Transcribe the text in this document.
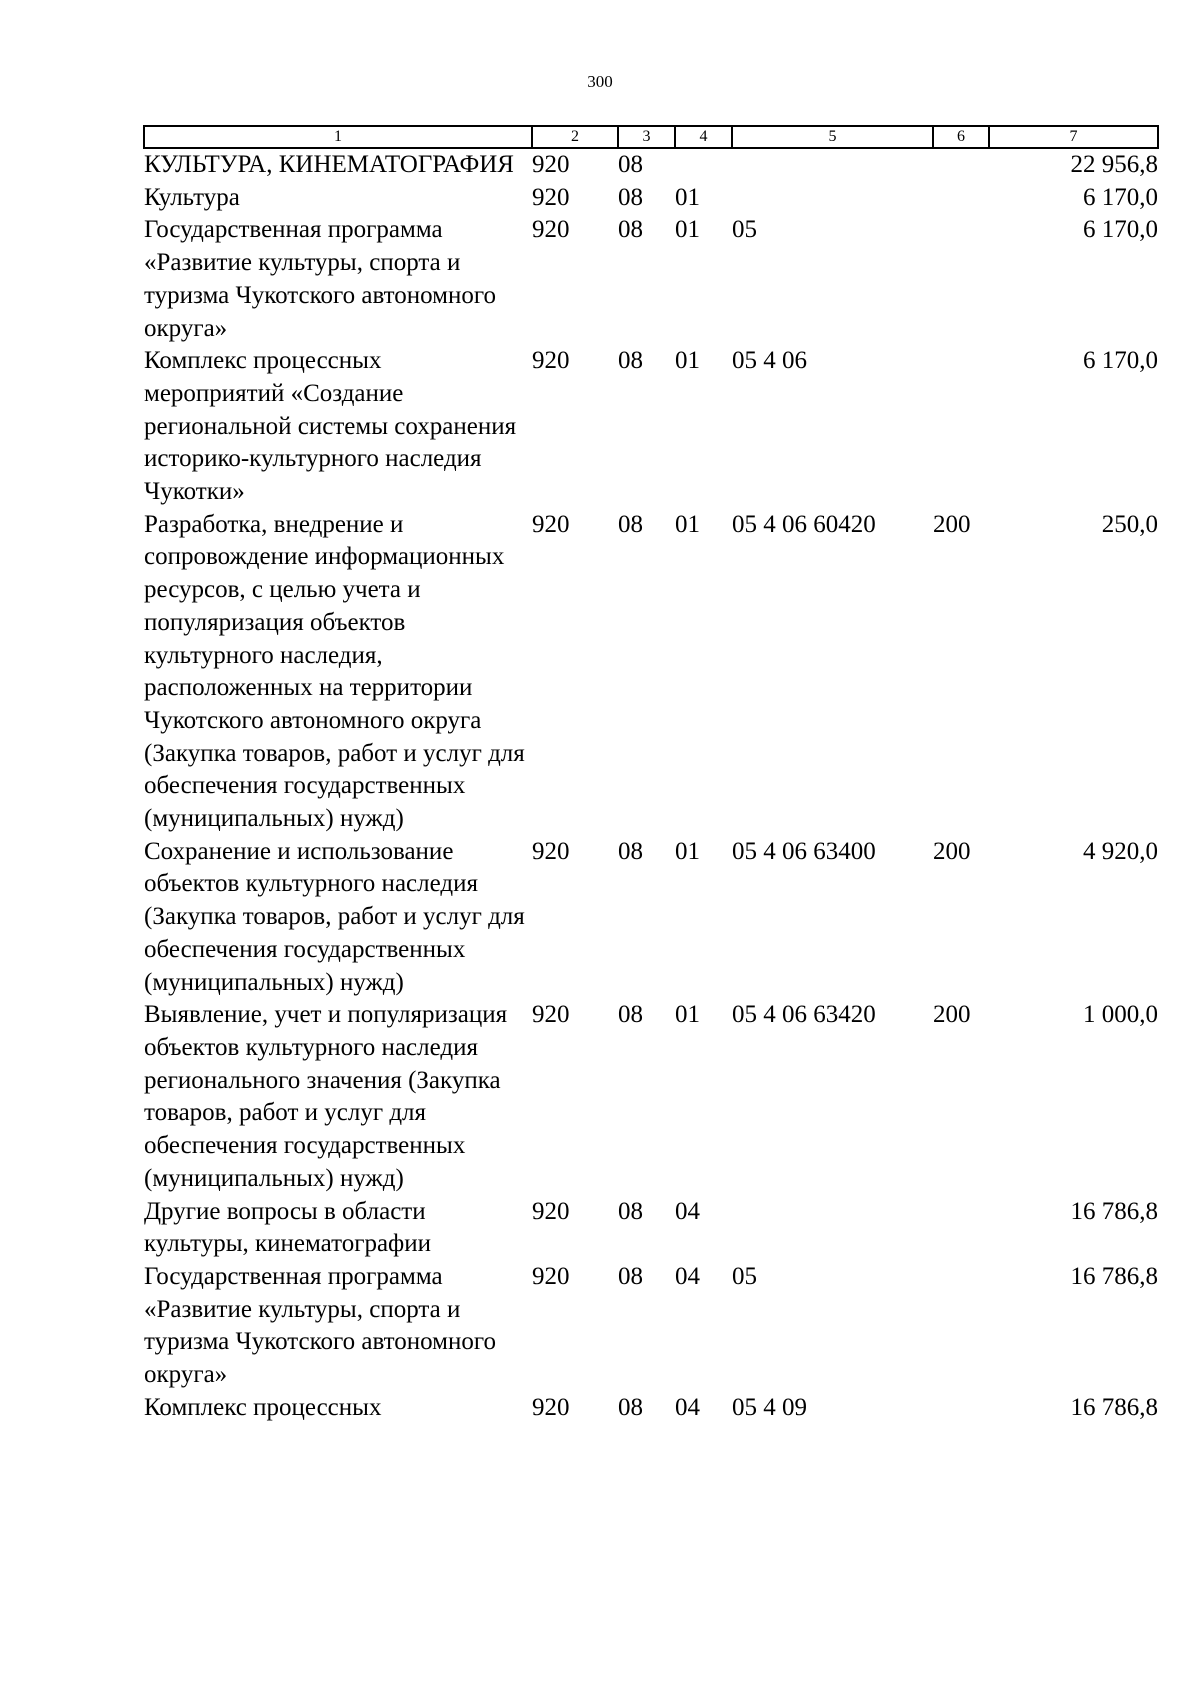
300
1	2	3	4	5	6	7
КУЛЬТУРА, КИНЕМАТОГРАФИЯ	920	08				22 956,8
Культура	920	08	01			6 170,0
Государственная программа «Развитие культуры, спорта и туризма Чукотского автономного округа»	920	08	01	05		6 170,0
Комплекс процессных мероприятий «Создание региональной системы сохранения историко-культурного наследия Чукотки»	920	08	01	05 4 06		6 170,0
Разработка, внедрение и сопровождение информационных ресурсов, с целью учета и популяризация объектов культурного наследия, расположенных на территории Чукотского автономного округа (Закупка товаров, работ и услуг для обеспечения государственных (муниципальных) нужд)	920	08	01	05 4 06 60420	200	250,0
Сохранение и использование объектов культурного наследия (Закупка товаров, работ и услуг для обеспечения государственных (муниципальных) нужд)	920	08	01	05 4 06 63400	200	4 920,0
Выявление, учет и популяризация объектов культурного наследия регионального значения (Закупка товаров, работ и услуг для обеспечения государственных (муниципальных) нужд)	920	08	01	05 4 06 63420	200	1 000,0
Другие вопросы в области культуры, кинематографии	920	08	04			16 786,8
Государственная программа «Развитие культуры, спорта и туризма Чукотского автономного округа»	920	08	04	05		16 786,8
Комплекс процессных	920	08	04	05 4 09		16 786,8
